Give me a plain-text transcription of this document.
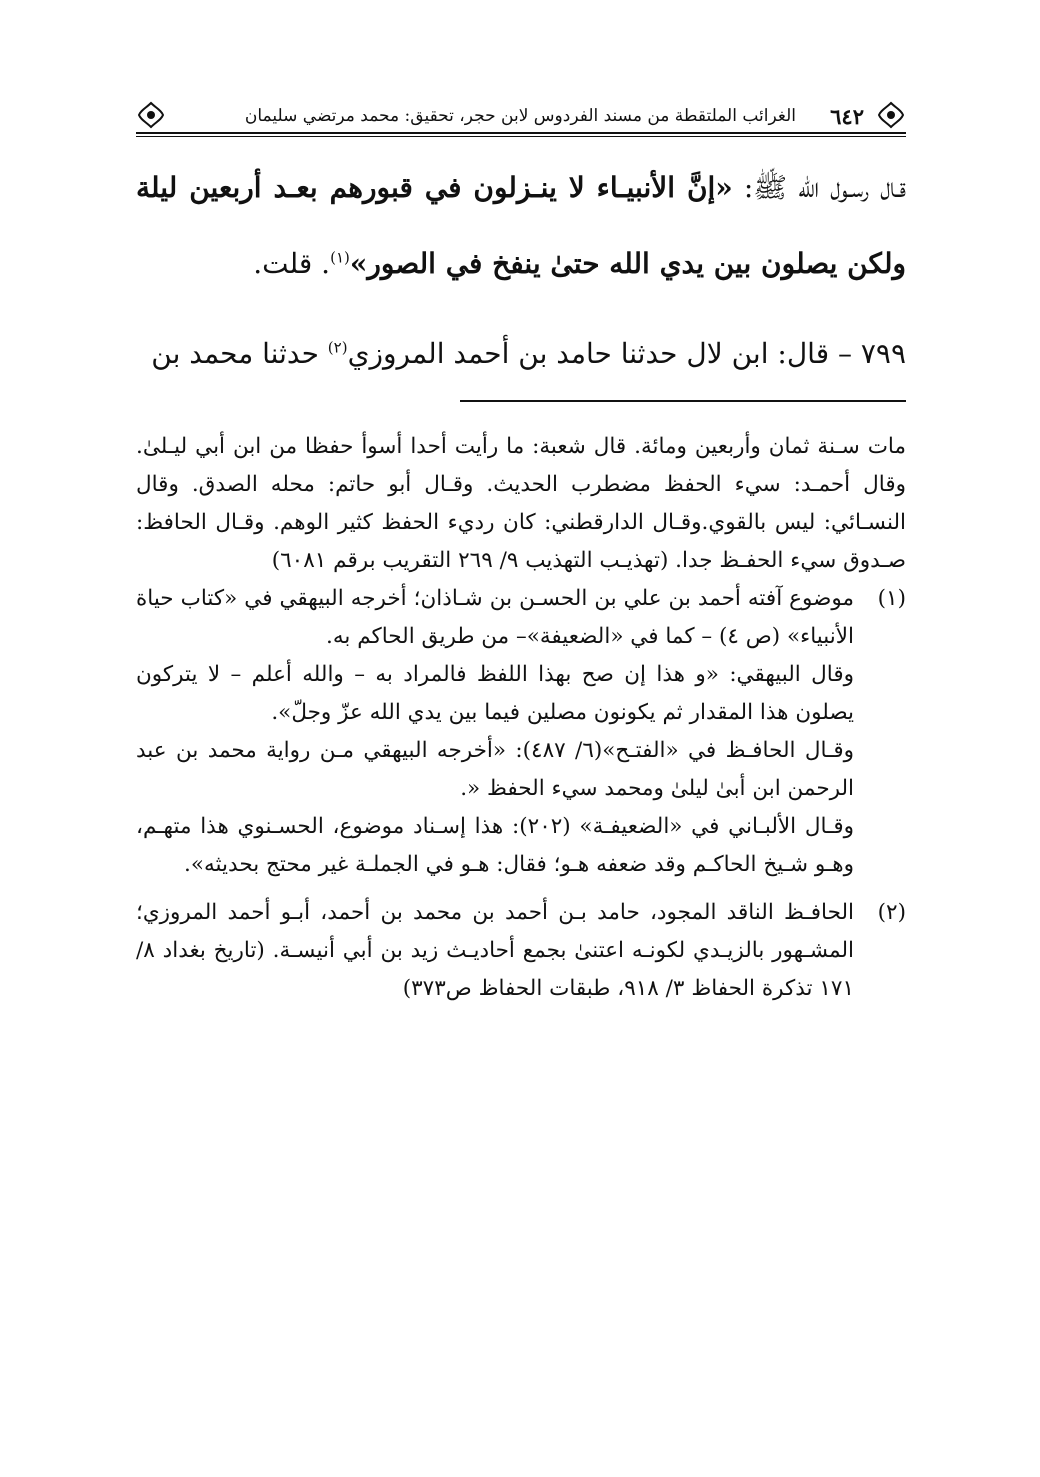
٦٤٢
الغرائب الملتقطة من مسند الفردوس لابن حجر، تحقيق: محمد مرتضي سليمان

قـال رسـول الله ﷺ: «إنَّ الأنبيـاء لا ينـزلون في قبورهم بعـد أربعين ليلة ولكن يصلون بين يدي الله حتىٰ ينفخ في الصور»$^{(١)}$. قلت.

٧٩٩ – قال: ابن لال حدثنا حامد بن أحمد المروزي$^{(٢)}$ حدثنا محمد بن

مات سـنة ثمان وأربعين ومائة. قال شعبة: ما رأيت أحدا أسوأ حفظا من ابن أبي ليـلىٰ. وقال أحمـد: سيء الحفظ مضطرب الحديث. وقـال أبو حاتم: محله الصدق. وقال النسـائي: ليس بالقوي.وقـال الدارقطني: كان رديء الحفظ كثير الوهم. وقـال الحافظ: صـدوق سيء الحفـظ جدا. (تهذيـب التهذيب ٩/ ٢٦٩ التقريب برقم ٦٠٨١)

(١)

موضوع آفته أحمد بن علي بن الحسـن بن شـاذان؛ أخرجه البيهقي في «كتاب حياة الأنبياء» (ص ٤) – كما في «الضعيفة»– من طريق الحاكم به.

وقال البيهقي: «و هذا إن صح بهذا اللفظ فالمراد به – والله أعلم – لا يتركون يصلون هذا المقدار ثم يكونون مصلين فيما بين يدي الله عزّ وجلّ».

وقـال الحافـظ في «الفتـح»(٦/ ٤٨٧): «أخرجه البيهقي مـن رواية محمد بن عبد الرحمن ابن أبىٰ ليلىٰ ومحمد سيء الحفظ «.

وقـال الألبـاني في «الضعيفـة» (٢٠٢): هذا إسـناد موضوع، الحسـنوي هذا متهـم، وهـو شـيخ الحاكـم وقد ضعفه هـو؛ فقال: هـو في الجملـة غير محتج بحديثه».

(٢)

الحافـظ الناقد المجود، حامد بـن أحمد بن محمد بن أحمد، أبـو أحمد المروزي؛ المشـهور بالزيـدي لكونـه اعتنىٰ بجمع أحاديـث زيد بن أبي أنيسـة. (تاريخ بغداد ٨/ ١٧١ تذكرة الحفاظ ٣/ ٩١٨، طبقات الحفاظ ص٣٧٣)
